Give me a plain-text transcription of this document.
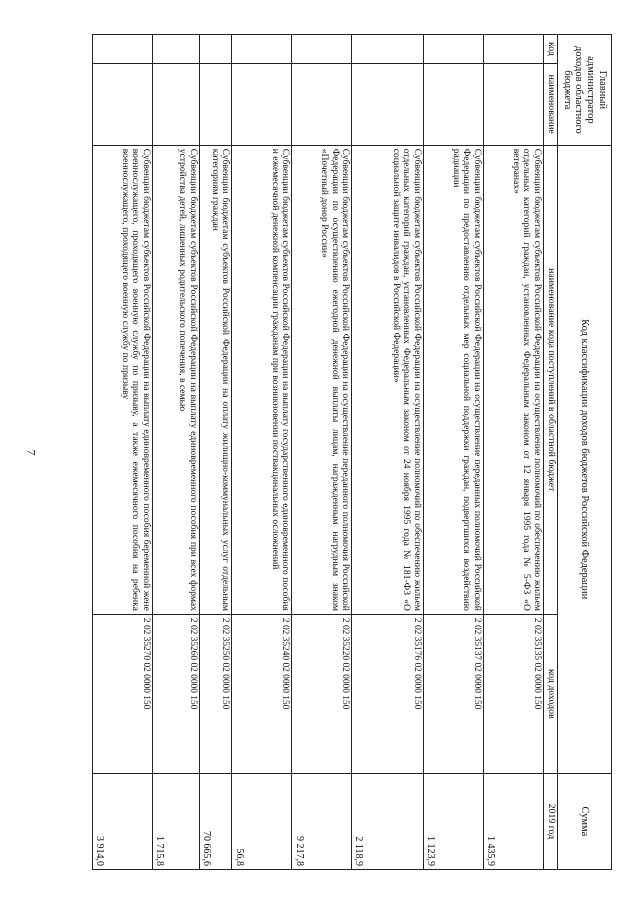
7
Главный администратор доходов областного бюджета		Код классификации доходов бюджетов Российской Федерации		Сумма
код	наименование	наименование кода поступлений в областной бюджет	код доходов	2019 год
		Субвенции бюджетам субъектов Российской Федерации на осуществление полномочий по обеспечению жильем отдельных категорий граждан, установленных Федеральным законом от 12 января 1995 года № 5-ФЗ «О ветеранах»	2 02 35135 02 0000 150	1 435,9
		Субвенции бюджетам субъектов Российской Федерации на осуществление переданных полномочий Российской Федерации по предоставлению отдельных мер социальной поддержки граждан, подвергшихся воздействию радиации	2 02 35137 02 0000 150	1 123,9
		Субвенции бюджетам субъектов Российской Федерации на осуществление полномочий по обеспечению жильем отдельных категорий граждан, установленных Федеральным законом от 24 ноября 1995 года № 181-ФЗ «О социальной защите инвалидов в Российской Федерации»	2 02 35176 02 0000 150	2 118,9
		Субвенции бюджетам субъектов Российской Федерации на осуществление переданного полномочия Российской Федерации по осуществлению ежегодной денежной выплаты лицам, награжденным нагрудным знаком «Почетный донор России»	2 02 35220 02 0000 150	9 217,8
		Субвенции бюджетам субъектов Российской Федерации на выплату государственного единовременного пособия и ежемесячной денежной компенсации гражданам при возникновении поствакцинальных осложнений	2 02 35240 02 0000 150	56,8
		Субвенции бюджетам субъектов Российской Федерации на оплату жилищно-коммунальных услуг отдельным категориям граждан	2 02 35250 02 0000 150	70 665,6
		Субвенции бюджетам субъектов Российской Федерации на выплату единовременного пособия при всех формах устройства детей, лишенных родительского попечения, в семью	2 02 35260 02 0000 150	1 715,8
		Субвенции бюджетам субъектов Российской Федерации на выплату единовременного пособия беременной жене военнослужащего, проходящего военную службу по призыву, а также ежемесячного пособия на ребенка военнослужащего, проходящего военную службу по призыву	2 02 35270 02 0000 150	3 914,0
